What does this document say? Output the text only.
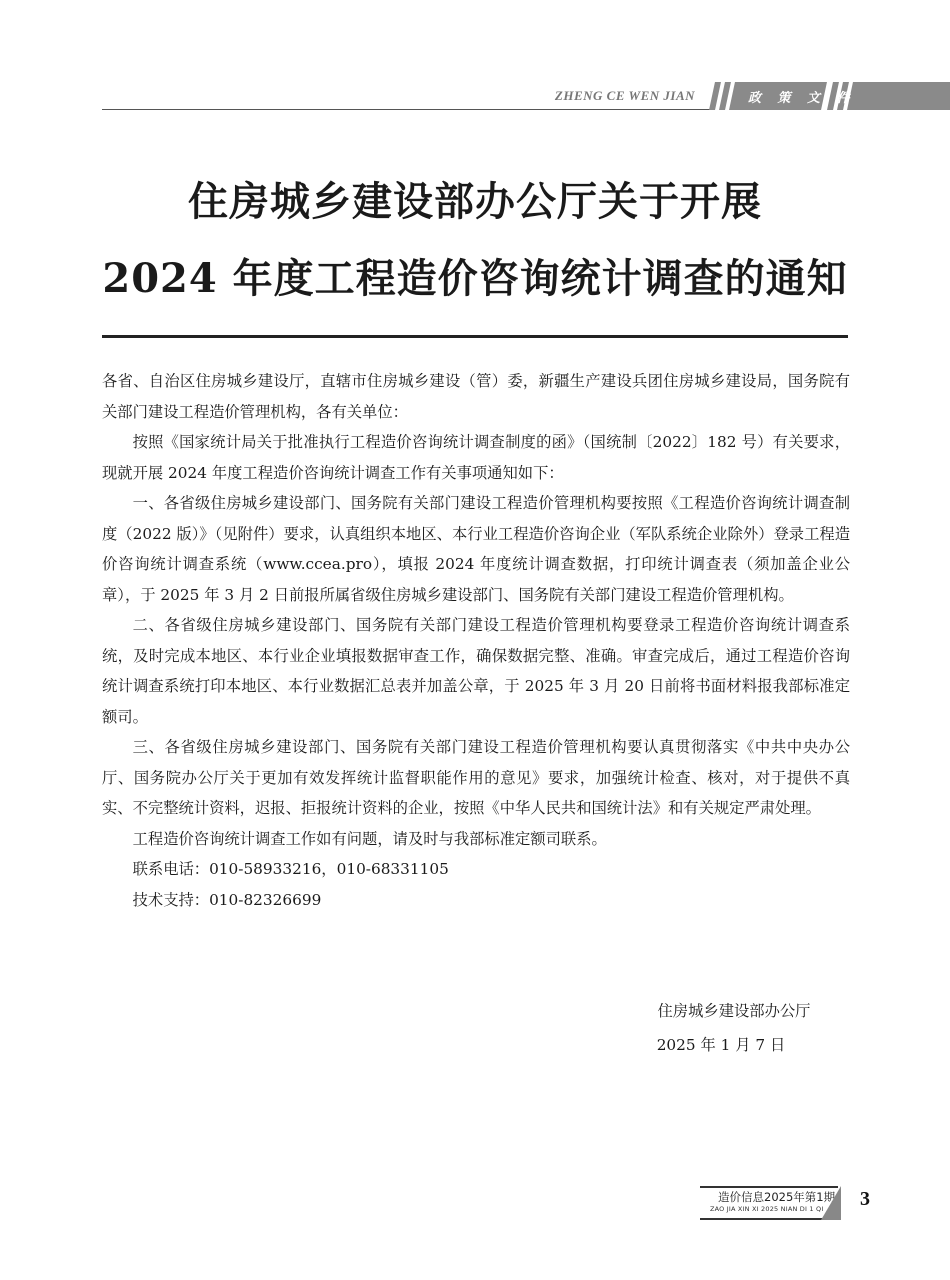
ZHENG CE WEN JIAN	政 策 文 件
住房城乡建设部办公厅关于开展
2024 年度工程造价咨询统计调查的通知

各省、自治区住房城乡建设厅，直辖市住房城乡建设（管）委，新疆生产建设兵团住房城乡建设局，国务院有关部门建设工程造价管理机构，各有关单位：

按照《国家统计局关于批准执行工程造价咨询统计调查制度的函》（国统制〔2022〕182 号）有关要求，现就开展 2024 年度工程造价咨询统计调查工作有关事项通知如下：

一、各省级住房城乡建设部门、国务院有关部门建设工程造价管理机构要按照《工程造价咨询统计调查制度（2022 版）》（见附件）要求，认真组织本地区、本行业工程造价咨询企业（军队系统企业除外）登录工程造价咨询统计调查系统（www.ccea.pro），填报 2024 年度统计调查数据，打印统计调查表（须加盖企业公章），于 2025 年 3 月 2 日前报所属省级住房城乡建设部门、国务院有关部门建设工程造价管理机构。

二、各省级住房城乡建设部门、国务院有关部门建设工程造价管理机构要登录工程造价咨询统计调查系统，及时完成本地区、本行业企业填报数据审查工作，确保数据完整、准确。审查完成后，通过工程造价咨询统计调查系统打印本地区、本行业数据汇总表并加盖公章，于 2025 年 3 月 20 日前将书面材料报我部标准定额司。

三、各省级住房城乡建设部门、国务院有关部门建设工程造价管理机构要认真贯彻落实《中共中央办公厅、国务院办公厅关于更加有效发挥统计监督职能作用的意见》要求，加强统计检查、核对，对于提供不真实、不完整统计资料，迟报、拒报统计资料的企业，按照《中华人民共和国统计法》和有关规定严肃处理。

工程造价咨询统计调查工作如有问题，请及时与我部标准定额司联系。

联系电话：010-58933216，010-68331105

技术支持：010-82326699

住房城乡建设部办公厅
2025 年 1 月 7 日
造价信息2025年第1期
ZAO JIA XIN XI 2025 NIAN DI 1 QI 3
